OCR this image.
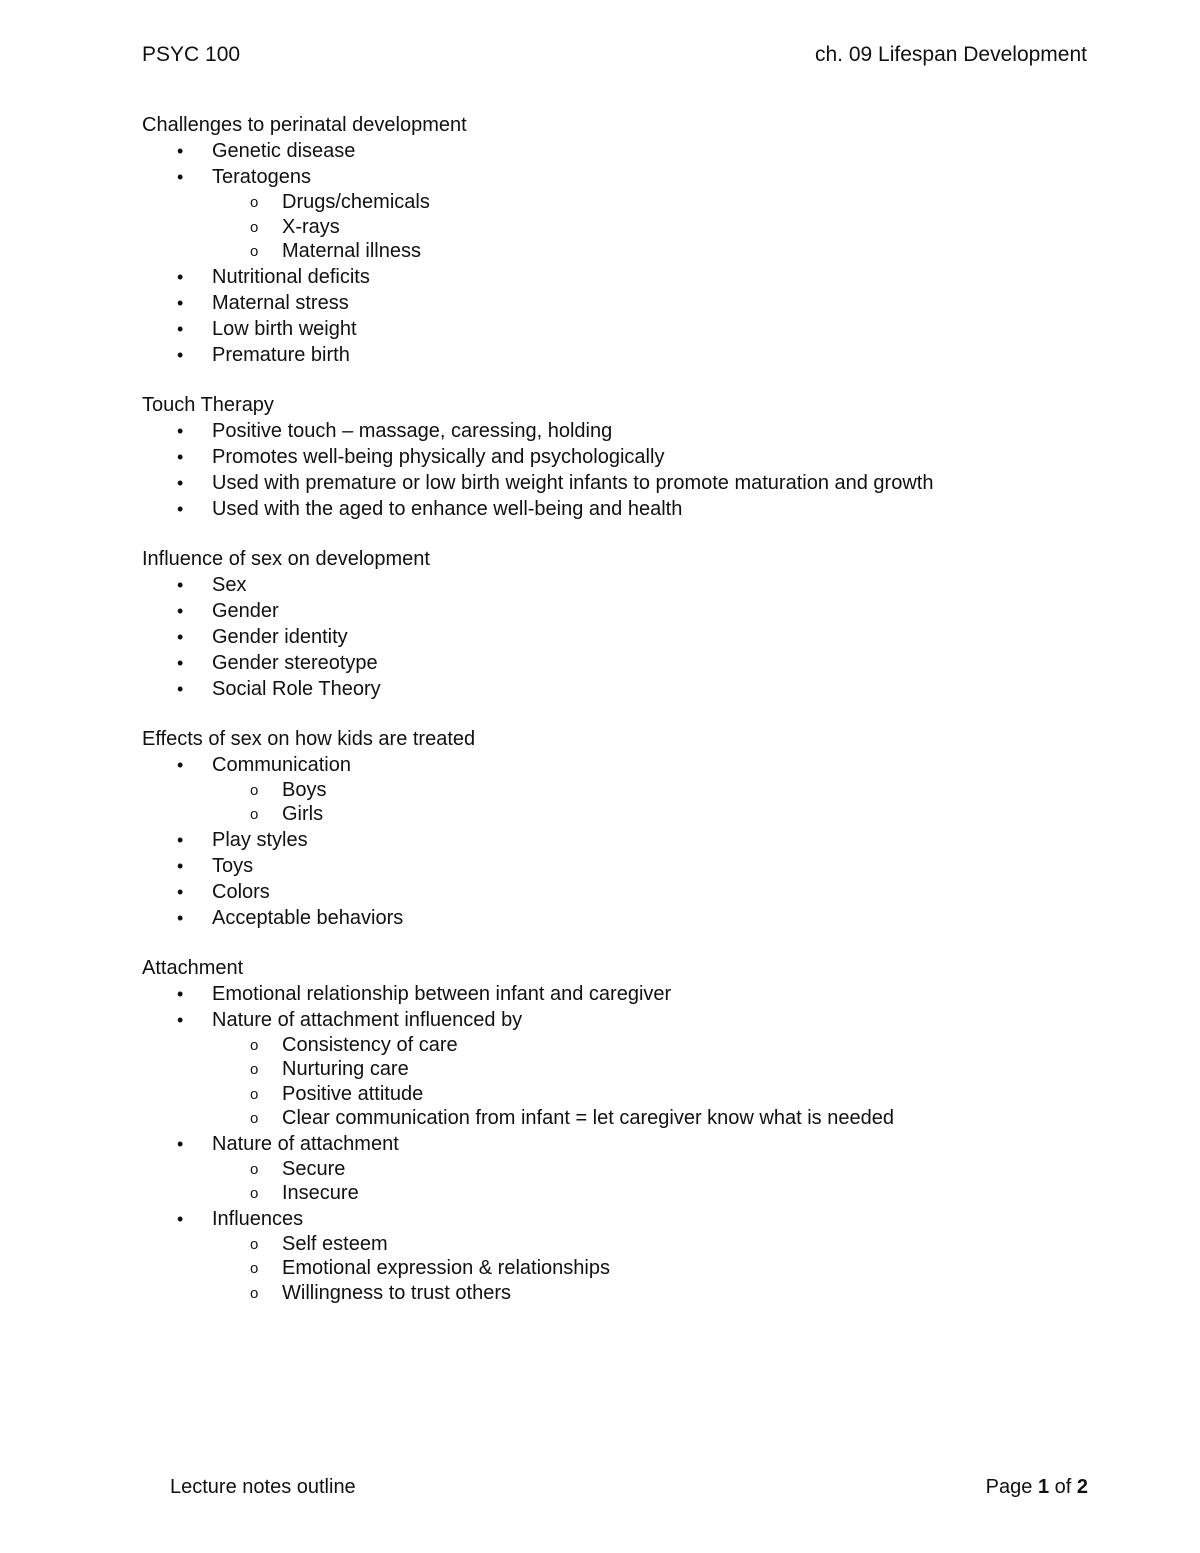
PSYC 100	ch. 09 Lifespan Development
Challenges to perinatal development
• Genetic disease
• Teratogens
o Drugs/chemicals
o X-rays
o Maternal illness
• Nutritional deficits
• Maternal stress
• Low birth weight
• Premature birth
Touch Therapy
• Positive touch – massage, caressing, holding
• Promotes well-being physically and psychologically
• Used with premature or low birth weight infants to promote maturation and growth
• Used with the aged to enhance well-being and health
Influence of sex on development
• Sex
• Gender
• Gender identity
• Gender stereotype
• Social Role Theory
Effects of sex on how kids are treated
• Communication
o Boys
o Girls
• Play styles
• Toys
• Colors
• Acceptable behaviors
Attachment
• Emotional relationship between infant and caregiver
• Nature of attachment influenced by
o Consistency of care
o Nurturing care
o Positive attitude
o Clear communication from infant = let caregiver know what is needed
• Nature of attachment
o Secure
o Insecure
• Influences
o Self esteem
o Emotional expression & relationships
o Willingness to trust others
Lecture notes outline	Page 1 of 2
